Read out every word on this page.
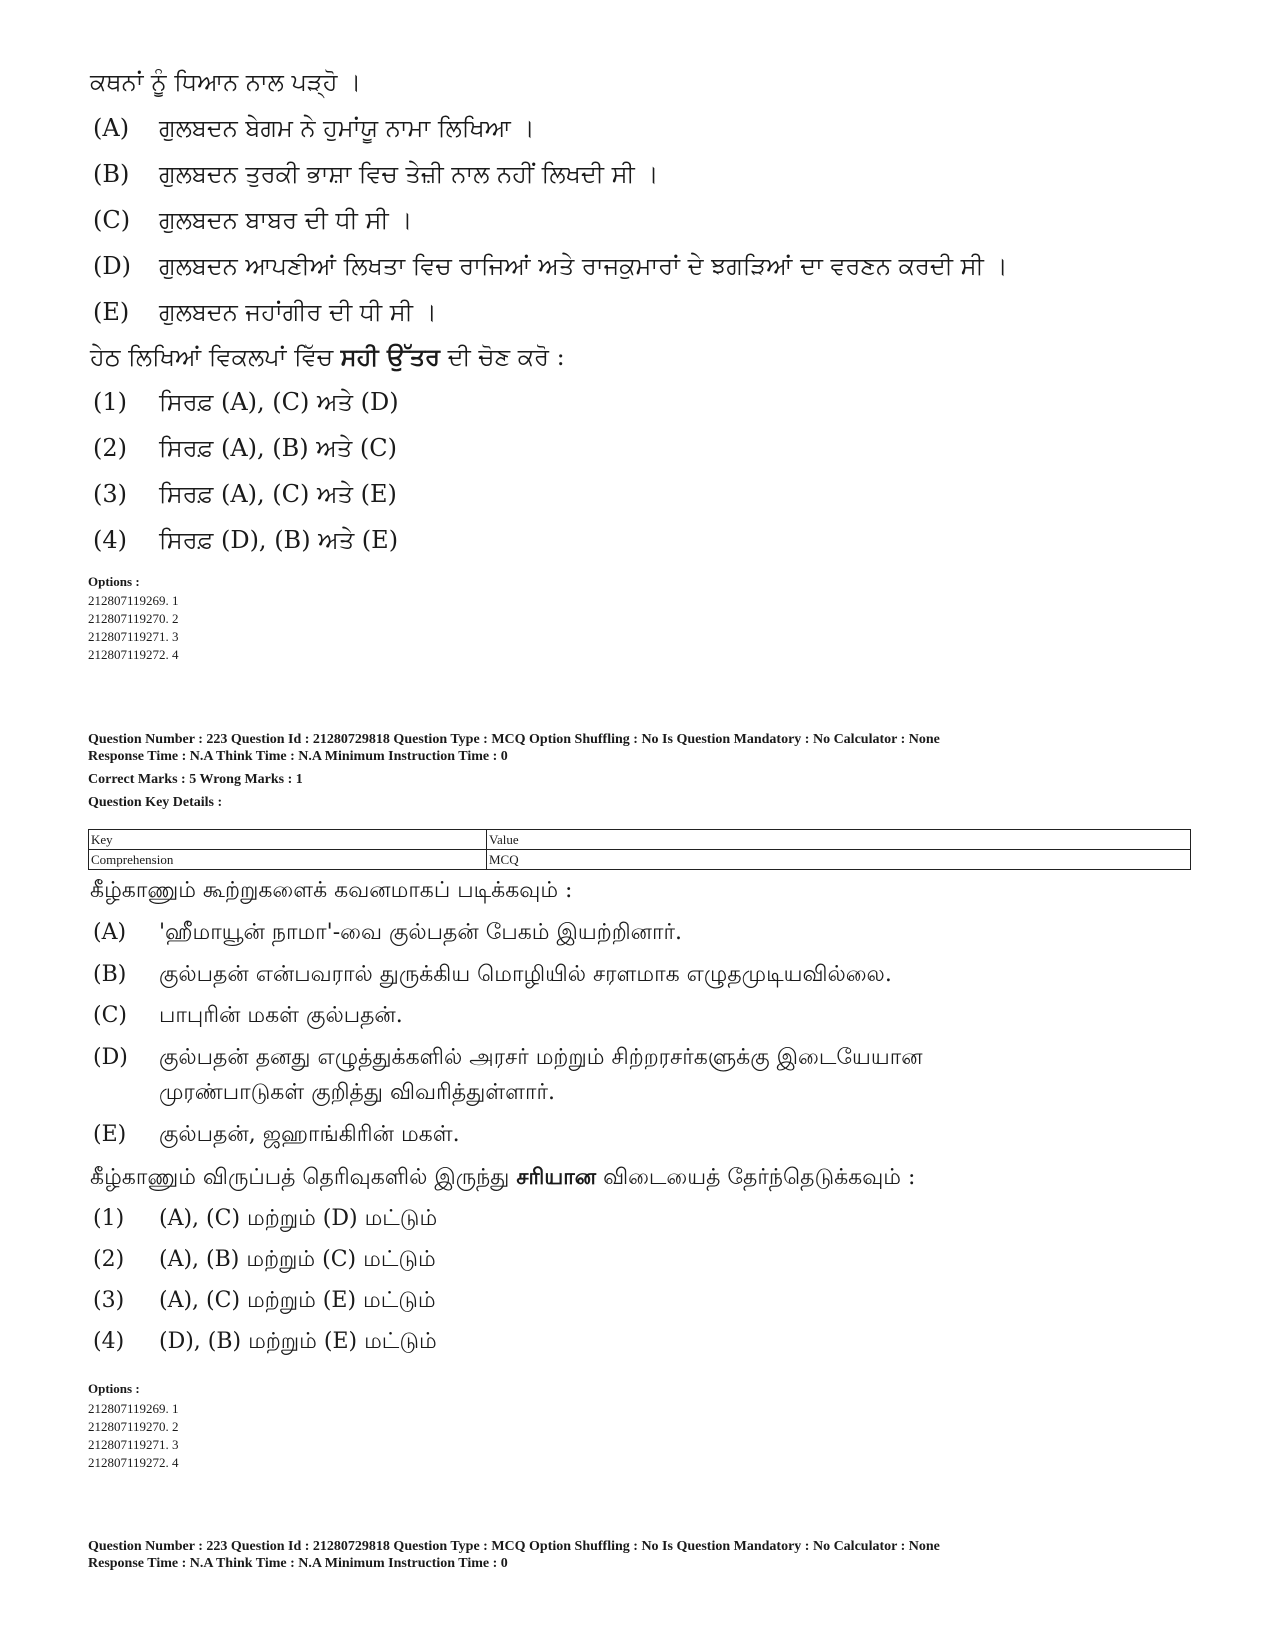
ਕਥਨਾਂ ਨੂੰ ਧਿਆਨ ਨਾਲ ਪੜ੍ਹੋ ।
(A) ਗੁਲਬਦਨ ਬੇਗਮ ਨੇ ਹੁਮਾਂਯੂ ਨਾਮਾ ਲਿਖਿਆ ।
(B) ਗੁਲਬਦਨ ਤੁਰਕੀ ਭਾਸ਼ਾ ਵਿਚ ਤੇਜ਼ੀ ਨਾਲ ਨਹੀਂ ਲਿਖਦੀ ਸੀ ।
(C) ਗੁਲਬਦਨ ਬਾਬਰ ਦੀ ਧੀ ਸੀ ।
(D) ਗੁਲਬਦਨ ਆਪਣੀਆਂ ਲਿਖਤਾ ਵਿਚ ਰਾਜਿਆਂ ਅਤੇ ਰਾਜਕੁਮਾਰਾਂ ਦੇ ਝਗੜਿਆਂ ਦਾ ਵਰਣਨ ਕਰਦੀ ਸੀ ।
(E) ਗੁਲਬਦਨ ਜਹਾਂਗੀਰ ਦੀ ਧੀ ਸੀ ।
ਹੇਠ ਲਿਖਿਆਂ ਵਿਕਲਪਾਂ ਵਿੱਚ ਸਹੀ ਉੱਤਰ ਦੀ ਚੋਣ ਕਰੋ :
(1) ਸਿਰਫ਼ (A), (C) ਅਤੇ (D)
(2) ਸਿਰਫ਼ (A), (B) ਅਤੇ (C)
(3) ਸਿਰਫ਼ (A), (C) ਅਤੇ (E)
(4) ਸਿਰਫ਼ (D), (B) ਅਤੇ (E)
Options :
212807119269. 1
212807119270. 2
212807119271. 3
212807119272. 4
Question Number : 223 Question Id : 21280729818 Question Type : MCQ Option Shuffling : No Is Question Mandatory : No Calculator : None
Response Time : N.A Think Time : N.A Minimum Instruction Time : 0
Correct Marks : 5 Wrong Marks : 1
Question Key Details :
Key	Value
Comprehension	MCQ
கீழ்காணும் கூற்றுகளைக் கவனமாகப் படிக்கவும் :
(A) 'ஹீமாயூன் நாமா'-வை குல்பதன் பேகம் இயற்றினார்.
(B) குல்பதன் என்பவரால் துருக்கிய மொழியில் சரளமாக எழுதமுடியவில்லை.
(C) பாபுரின் மகள் குல்பதன்.
(D) குல்பதன் தனது எழுத்துக்களில் அரசர் மற்றும் சிற்றரசர்களுக்கு இடையேயான
முரண்பாடுகள் குறித்து விவரித்துள்ளார்.
(E) குல்பதன், ஜஹாங்கிரின் மகள்.
கீழ்காணும் விருப்பத் தெரிவுகளில் இருந்து சரியான விடையைத் தேர்ந்தெடுக்கவும் :
(1) (A), (C) மற்றும் (D) மட்டும்
(2) (A), (B) மற்றும் (C) மட்டும்
(3) (A), (C) மற்றும் (E) மட்டும்
(4) (D), (B) மற்றும் (E) மட்டும்
Options :
212807119269. 1
212807119270. 2
212807119271. 3
212807119272. 4
Question Number : 223 Question Id : 21280729818 Question Type : MCQ Option Shuffling : No Is Question Mandatory : No Calculator : None
Response Time : N.A Think Time : N.A Minimum Instruction Time : 0
